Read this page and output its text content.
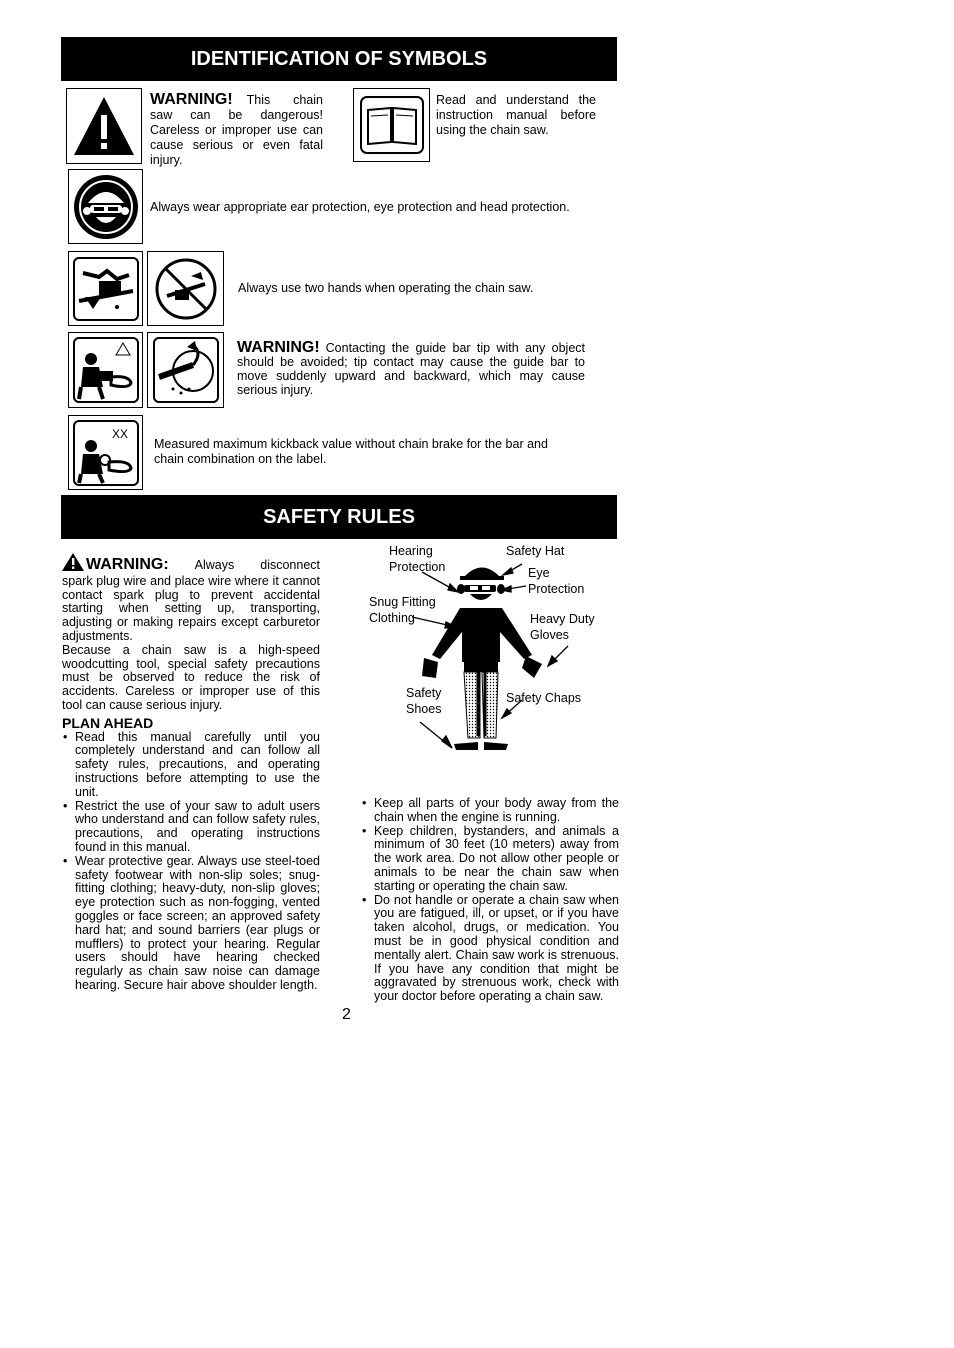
IDENTIFICATION OF SYMBOLS
WARNING! This chain saw can be dangerous! Careless or improper use can cause serious or even fatal injury.
Read and understand the instruction manual before using the chain saw.
Always wear appropriate ear protection, eye protection and head protection.
Always use two hands when operating the chain saw.
WARNING! Contacting the guide bar tip with any object should be avoided; tip contact may cause the guide bar to move suddenly upward and backward, which may cause serious injury.
XX
Measured maximum kickback value without chain brake for the bar and chain combination on the label.
SAFETY RULES
WARNING: Always disconnect spark plug wire and place wire where it cannot contact spark plug to prevent accidental starting when setting up, transporting, adjusting or making repairs except carburetor adjustments.
Because a chain saw is a high-speed woodcutting tool, special safety precautions must be observed to reduce the risk of accidents. Careless or improper use of this tool can cause serious injury.
PLAN AHEAD
• Read this manual carefully until you completely understand and can follow all safety rules, precautions, and operating instructions before attempting to use the unit.
• Restrict the use of your saw to adult users who understand and can follow safety rules, precautions, and operating instructions found in this manual.
• Wear protective gear. Always use steel-toed safety footwear with non-slip soles; snug-fitting clothing; heavy-duty, non-slip gloves; eye protection such as non-fogging, vented goggles or face screen; an approved safety hard hat; and sound barriers (ear plugs or mufflers) to protect your hearing. Regular users should have hearing checked regularly as chain saw noise can damage hearing. Secure hair above shoulder length.
Hearing Protection
Safety Hat
Eye Protection
Snug Fitting Clothing	Heavy Duty Gloves
Safety Shoes
Safety Chaps
• Keep all parts of your body away from the chain when the engine is running.
• Keep children, bystanders, and animals a minimum of 30 feet (10 meters) away from the work area. Do not allow other people or animals to be near the chain saw when starting or operating the chain saw.
• Do not handle or operate a chain saw when you are fatigued, ill, or upset, or if you have taken alcohol, drugs, or medication. You must be in good physical condition and mentally alert. Chain saw work is strenuous. If you have any condition that might be aggravated by strenuous work, check with your doctor before operating a chain saw.
2
